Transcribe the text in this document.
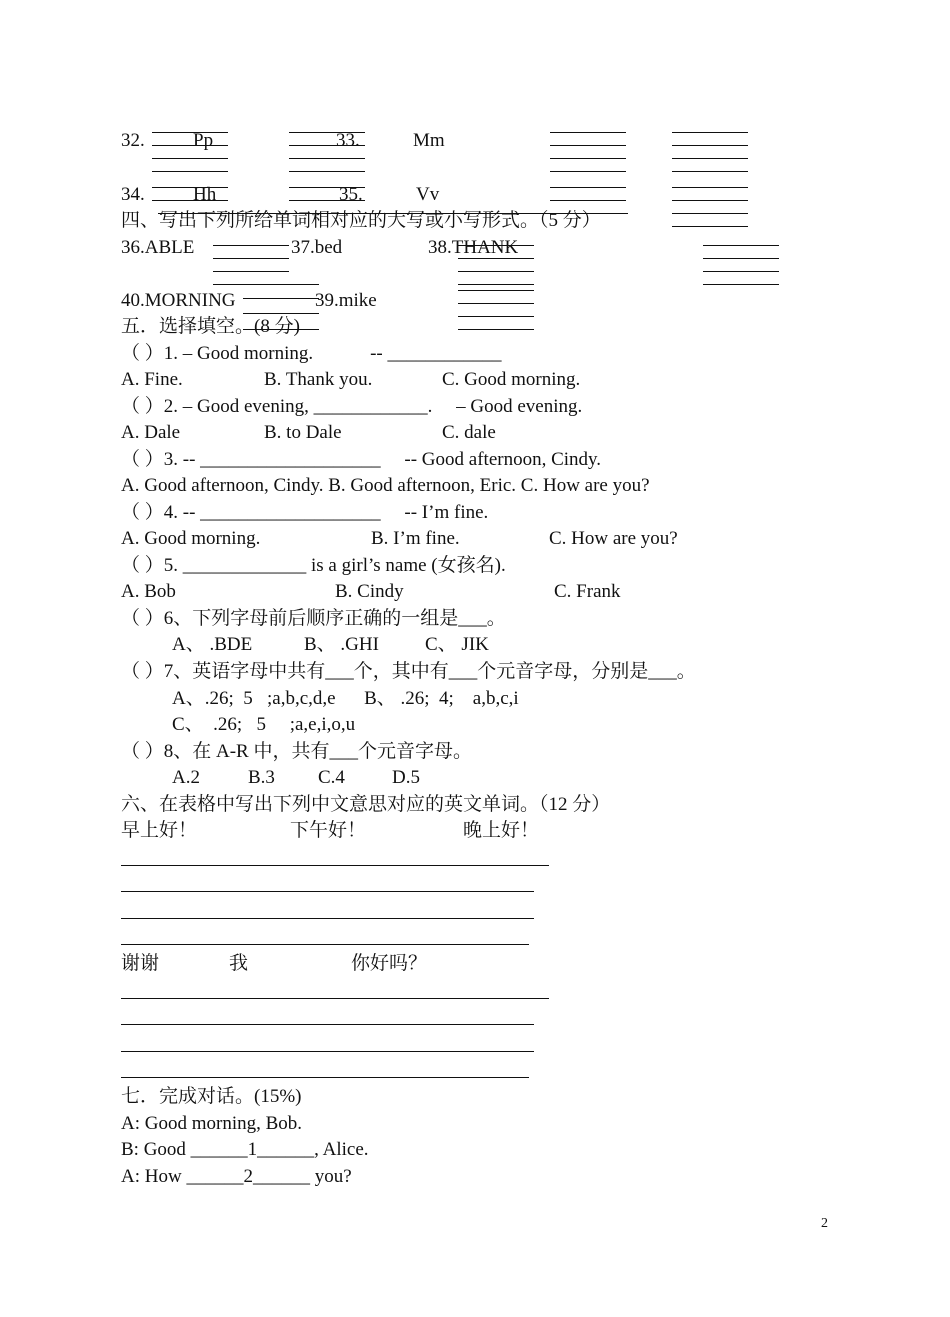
32.	Pp	33.	Mm
34.	Hh	35.	Vv
四、写出下列所给单词相对应的大写或小写形式。（5 分）
36.ABLE	37.bed	38.THANK
40.MORNING	39.mike
五．选择填空。(8 分)
（ ）1. – Good morning.            -- ____________
A. Fine.	B. Thank you.	C. Good morning.
（ ）2. – Good evening, ____________.     – Good evening.
A. Dale	B. to Dale	C. dale
（ ）3. -- ___________________     -- Good afternoon, Cindy.
A. Good afternoon, Cindy. B. Good afternoon, Eric. C. How are you?
（ ）4. -- ___________________     -- I’m fine.
A. Good morning.	B. I’m fine.	C. How are you?
（ ）5. _____________ is a girl’s name (女孩名).
A. Bob	B. Cindy	C. Frank
（ ）6、下列字母前后顺序正确的一组是___。
A、 .BDE	B、 .GHI C、 JIK
（ ）7、英语字母中共有___个，其中有___个元音字母，分别是___。
A、.26;  5   ;a,b,c,d,e      B、 .26;  4;    a,b,c,i
C、  .26;   5     ;a,e,i,o,u
（ ）8、在 A-R 中，共有___个元音字母。
A.2	B.3 C.4 D.5
六、在表格中写出下列中文意思对应的英文单词。（12 分）
早上好！	下午好！	晚上好！
谢谢	我	你好吗？
七．完成对话。(15%)
A: Good morning, Bob.
B: Good ______1______, Alice.
A: How ______2______ you?
2
